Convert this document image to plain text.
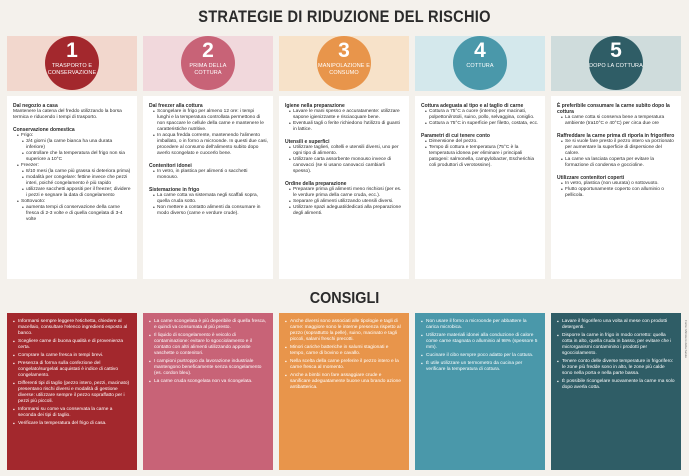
STRATEGIE DI RIDUZIONE DEL RISCHIO
1
TRASPORTO E CONSERVAZIONE
Dal negozio a casa
Mantenere la catena del freddo utilizzando la borsa termica e riducendo i tempi di trasporto.
Conservazione domestica
• Frigo:
• 3/4 giorni (la carne bianca ha una durata inferiore)
• controllare che la temperatura del frigo non sia superiore a 10°C
• Freezer:
• 8/10 mesi (la carne più grassa si deteriora prima)
• modalità per congelare: fettine invece che pezzi interi, poiché congelamento è più rapido
• utilizzare sacchetti appositi per il freezer; dividere i pezzi e segnare la data di congelamento
• Sottovuoto:
• aumenta tempi di conservazione della carne fresca di 2-3 volte e di quella congelata di 3-4 volte
2
PRIMA DELLA COTTURA
Dal freezer alla cottura
• Scongelare in frigo per almeno 12 ore: i tempi lunghi e la temperatura controllata permettono di non spaccare le cellule della carne e mantenere le caratteristiche nutritive.
• In acqua fredda corrente, mantenendo l'alimento imballato, o in forno a microonde. In questi due casi, procedere al consumo dell'alimento subito dopo averlo scongelato e cuocerlo bene.
Contenitori idonei
• In vetro, in plastica per alimenti o sacchetti monouso.
Sistemazione in frigo
• La carne cotta va sistemata negli scaffali sopra, quella cruda sotto.
• Non mettere a contatto alimenti da consumare in modo diverso (carne e verdure crude).
3
MANIPOLAZIONE E CONSUMO
Igiene nella preparazione
• Lavare le mani spesso e accuratamente: utilizzare sapone igienizzante e risciacquare bene.
• Eventuali tagli o ferite richiedono l'utilizzo di guanti in lattice.
Utensili e superfici
• Utilizzare taglieri, coltelli e utensili diversi, uno per ogni tipo di alimento.
• Utilizzare carta assorbente monouso invece di canovacci (se si usano canovacci cambiarli spesso).
Ordine della preparazione
• Preparare prima gli alimenti meno rischiosi (per es. le verdure prima della carne cruda, ecc.).
• Separare gli alimenti utilizzando utensili diversi.
• Utilizzare spazi adeguati/dedicati alla preparazione degli alimenti.
4
COTTURA
Cottura adeguata al tipo e al taglio di carne
• Cottura a 75°C a cuore (interno) per macinati, polpettoni/rotoli, suino, pollo, selvaggina, coniglio.
• Cottura a 75°C in superficie per filetto, costata, ecc.
Parametri di cui tenere conto
• Dimensione del pezzo.
• Tempo di cottura e temperatura (75°C è la temperatura idonea per eliminare i principali patogeni: salmonella, campylobacter, Escherichia coli produttori di verotossine).
5
DOPO LA COTTURA
È preferibile consumare la carne subito dopo la cottura
• La carne cotta si conserva bene a temperatura ambiente (tra10°C e 40°C) per circa due ore
Raffreddare la carne prima di riporla in frigorifero
• Se si vuole fare presto il pezzo intero va porzionato per aumentare la superficie di dispersione del calore.
• La carne va lasciata coperta per evitare la formazione di condensa e goccioline.
Utilizzare contenitori coperti
• In vetro, plastica (non usurata) o sottovuoto.
• Flutto opportunamente coperto con alluminio o pellicola.
CONSIGLI
▪ Informarsi sempre leggere l'etichetta, chiedere al macellaio, consultare l'elenco ingredienti esposto al banco.
▪ Scegliere carne di buona qualità e di provenienza certa.
▪ Comprare la carne fresca in tempi brevi.
▪ Presenza di forma sulla confezione del congelato/surgelati acquistati è indice di cattivo congelamento.
▪ Differenti tipi di taglio (pezzo intero, pezzi, macinato) presentano rischi diversi e modalità di gestione diverse: utilizzare sempre il pezzo sopraffatto per i pezzi più piccoli.
▪ Informarsi su come va conservata la carne a seconda dei tipi di taglio.
▪ Verificare la temperatura del frigo di casa.
▪ La carne scongelata è più deperibile di quella fresca, e quindi va consumata al più presto.
▪ Il liquido di scongelamento è veicolo di contaminazione: evitare lo sgocciolamento e il contatto con altri alimenti utilizzando apposite vaschette o contenitori.
▪ I campioni purtroppo da lavorazione industriale mantengono beneficamente senza scongelamento (es. cordon bleu).
▪ La carne cruda scongelata non va ricongelata.
▪ Anche diversi sono associati alle tipologie e tagli di carne: maggiore sono le interne presenza rispetto al pezzo (soprattutto la pelle), suino, macinato e tagli piccoli, salami freschi precotti.
▪ Minori cariche batteriche in salumi stagionati e tempo, carne di bovino e cavallo.
▪ Nella scelta della carne preferire il pezzo intero e la carne fresca al momento.
▪ Anche a bimbi non fare assaggiare crude e sanificare adeguatamente buone una brando azione antibatterica.
▪ Non usare il forno a microonde per abbattere la carica microbica.
▪ Utilizzare materiali idonei alla conduzione di calore come carne stagnata o alluminio al 98% (spessore 5 mm).
▪ Cucinare il cibo sempre poco adatto per la cottura.
▪ È utile utilizzare un termometro da cucina per verificare la temperatura di cottura.
▪ Lavare il frigorifero una volta al mese con prodotti detergenti.
▪ Disporre la carne in frigo in modo corretto: quella cotta in alto, quella cruda in basso, per evitare che i microrganismi contaminino i prodotti per sgocciolamento.
▪ Tenere conto delle diverse temperature in frigorifero: le zone più fredde sono in alto, le zone più calde sono nella porta e nella parte bassa.
▪ È possibile ricongelare nuovamente la carne ma solo dopo averla cotta.
Fonte: Ministero della Salute
